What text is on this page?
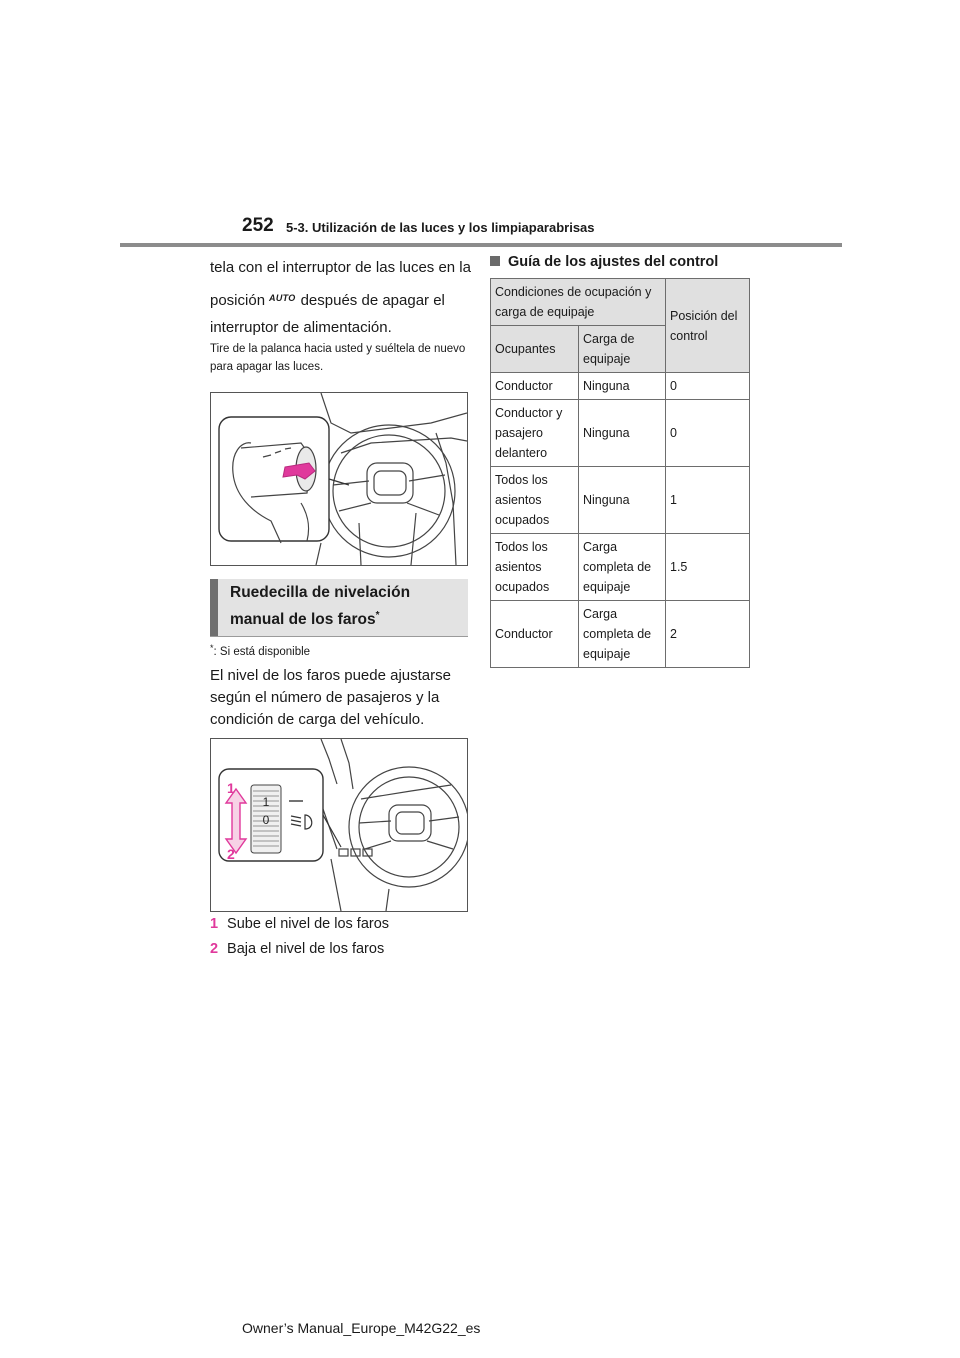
252 5-3. Utilización de las luces y los limpiaparabrisas
tela con el interruptor de las luces en la
posición AUTO después de apagar el
interruptor de alimentación.
Tire de la palanca hacia usted y suéltela de nuevo para apagar las luces.
Ruedecilla de nivelación
manual de los faros*
*: Si está disponible
El nivel de los faros puede ajustarse según el número de pasajeros y la condición de carga del vehículo.
1
0
1
2
1 Sube el nivel de los faros
2 Baja el nivel de los faros
Guía de los ajustes del control
Condiciones de ocupación y carga de equipaje		Posición del control
Ocupantes	Carga de equipaje	
Conductor	Ninguna	0
Conductor y pasajero delantero	Ninguna	0
Todos los asientos ocupados	Ninguna	1
Todos los asientos ocupados	Carga completa de equipaje	1.5
Conductor	Carga completa de equipaje	2
Owner’s Manual_Europe_M42G22_es
